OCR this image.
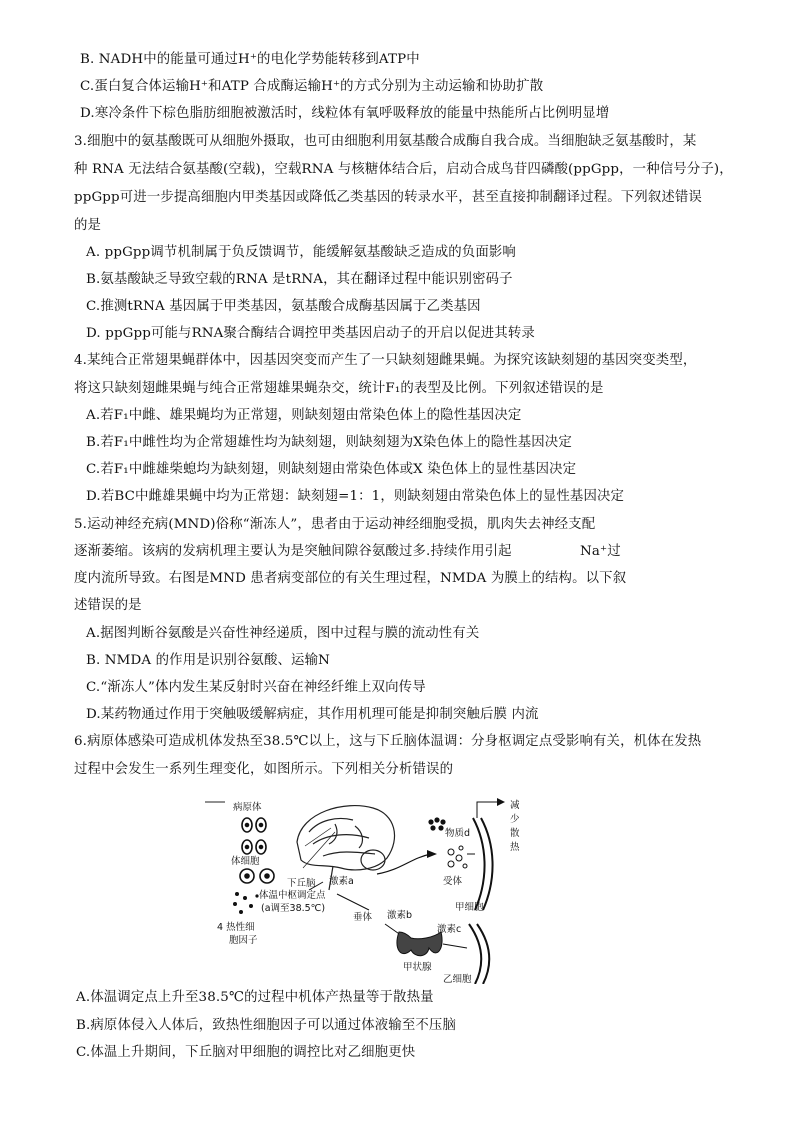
B. NADH中的能量可通过H⁺的电化学势能转移到ATP中
C.蛋白复合体运输H⁺和ATP 合成酶运输H⁺的方式分别为主动运输和协助扩散
D.寒冷条件下棕色脂肪细胞被激活时，线粒体有氧呼吸释放的能量中热能所占比例明显增
3.细胞中的氨基酸既可从细胞外摄取，也可由细胞利用氨基酸合成酶自我合成。当细胞缺乏氨基酸时，某
种 RNA 无法结合氨基酸(空载)，空载RNA 与核糖体结合后，启动合成鸟苷四磷酸(ppGpp，一种信号分子)，
ppGpp可进一步提高细胞内甲类基因或降低乙类基因的转录水平，甚至直接抑制翻译过程。下列叙述错误
的是
A. ppGpp调节机制属于负反馈调节，能缓解氨基酸缺乏造成的负面影响
B.氨基酸缺乏导致空载的RNA 是tRNA，其在翻译过程中能识别密码子
C.推测tRNA 基因属于甲类基因，氨基酸合成酶基因属于乙类基因
D. ppGpp可能与RNA聚合酶结合调控甲类基因启动子的开启以促进其转录
4.某纯合正常翅果蝇群体中，因基因突变而产生了一只缺刻翅雌果蝇。为探究该缺刻翅的基因突变类型，
将这只缺刻翅雌果蝇与纯合正常翅雄果蝇杂交，统计F₁的表型及比例。下列叙述错误的是
A.若F₁中雌、雄果蝇均为正常翅，则缺刻翅由常染色体上的隐性基因决定
B.若F₁中雌性均为企常翅雄性均为缺刻翅，则缺刻翅为X染色体上的隐性基因决定
C.若F₁中雌雄柴螅均为缺刻翅，则缺刻翅由常染色体或X 染色体上的显性基因决定
D.若BC中雌雄果蝇中均为正常翅：缺刻翅=1：1，则缺刻翅由常染色体上的显性基因决定
5.运动神经充病(MND)俗称“渐冻人”，患者由于运动神经细胞受损，肌肉失去神经支配
逐渐萎缩。该病的发病机理主要认为是突触间隙谷氨酸过多.持续作用引起	Na⁺过
度内流所导致。右图是MND 患者病变部位的有关生理过程，NMDA 为膜上的结构。以下叙
述错误的是
A.据图判断谷氨酸是兴奋性神经递质，图中过程与膜的流动性有关
B. NMDA 的作用是识别谷氨酸、运输N
C.“渐冻人”体内发生某反射时兴奋在神经纤维上双向传导
D.某药物通过作用于突触吸缓解病症，其作用机理可能是抑制突触后膜 内流
6.病原体感染可造成机体发热至38.5℃以上，这与下丘脑体温调：分身枢调定点受影响有关，机体在发热
过程中会发生一系列生理变化，如图所示。下列相关分析错误的
病原体
体细胞
4 热性细
胞因子
下丘脑 激素a
体温中枢调定点
(a调至38.5℃)
垂体 激素b
甲状腺
激素c
物质d
受体
甲细胞
减
少
散
热
乙细胞
A.体温调定点上升至38.5℃的过程中机体产热量等于散热量
B.病原体侵入人体后，致热性细胞因子可以通过体液输至不压脑
C.体温上升期间，下丘脑对甲细胞的调控比对乙细胞更快
